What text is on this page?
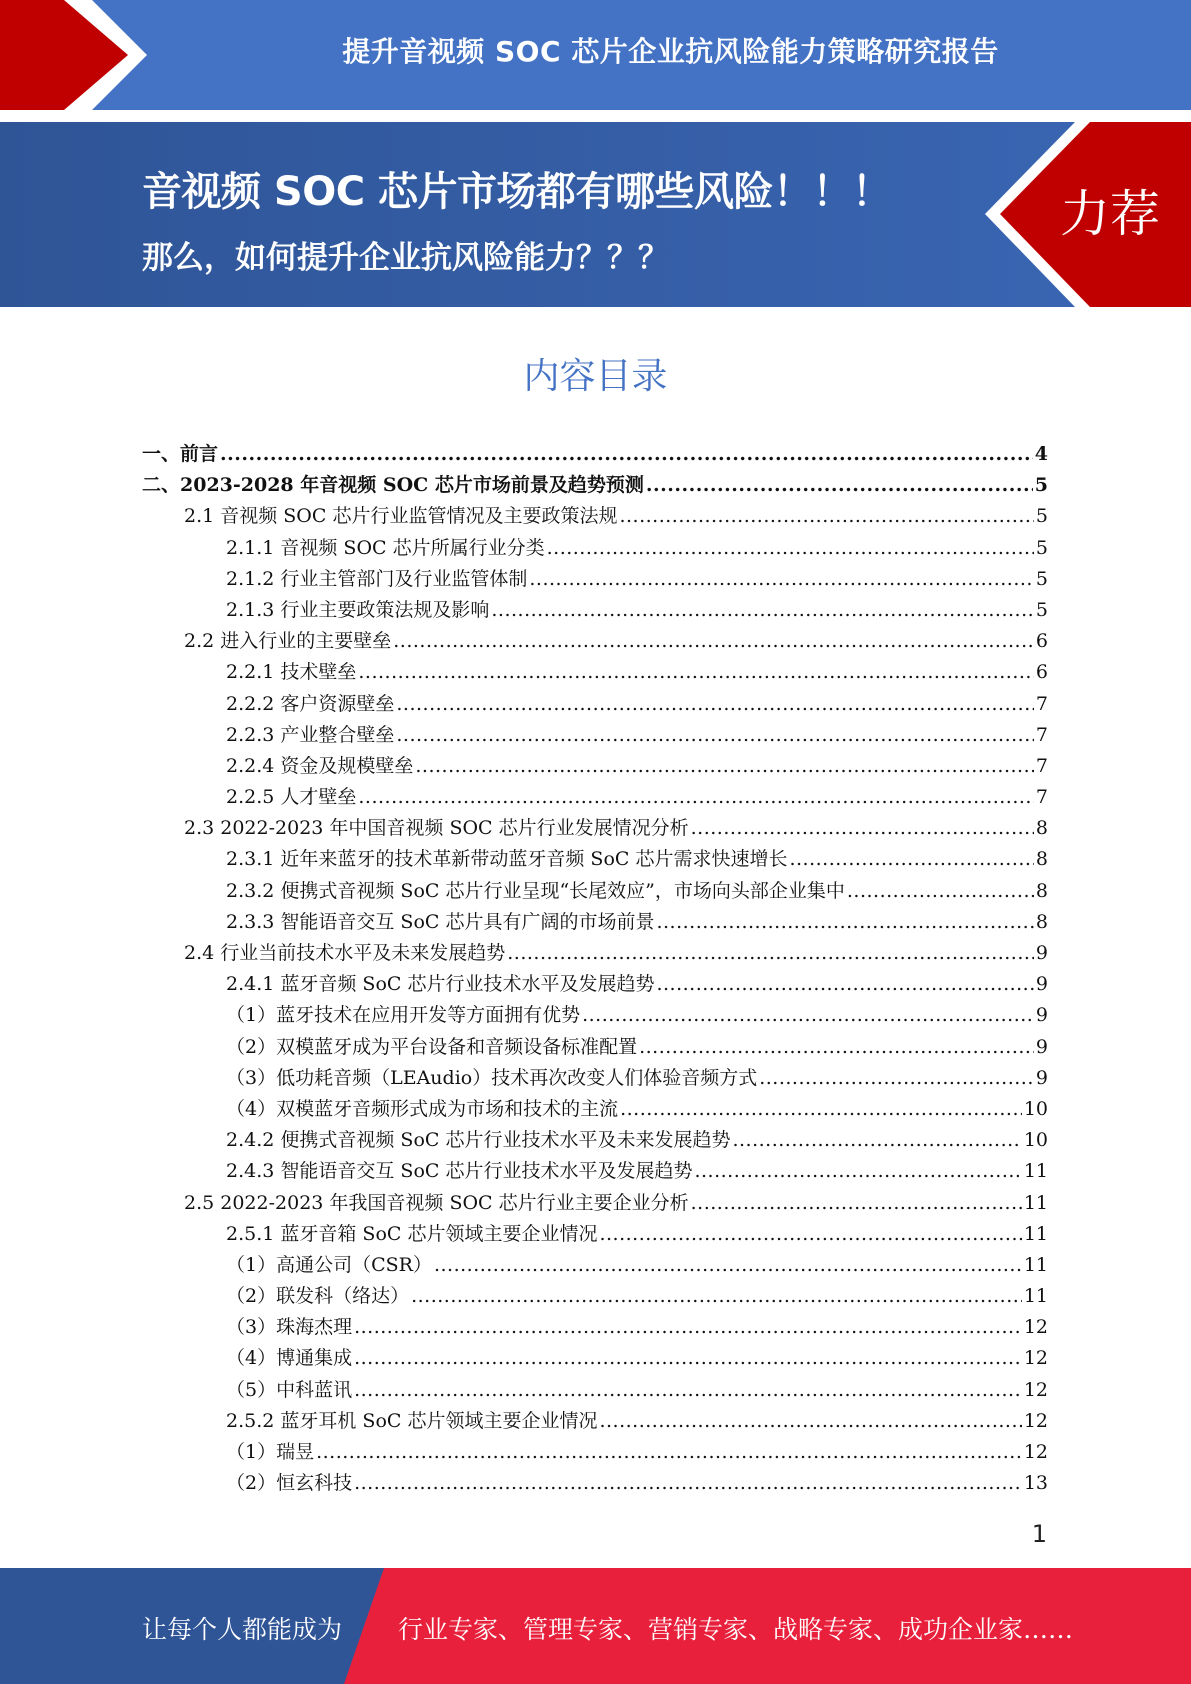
提升音视频 SOC 芯片企业抗风险能力策略研究报告
音视频 SOC 芯片市场都有哪些风险！！！
那么，如何提升企业抗风险能力？？？
力荐
内容目录
一、前言 .....	4
二、2023-2028 年音视频 SOC 芯片市场前景及趋势预测 .....	5
2.1 音视频 SOC 芯片行业监管情况及主要政策法规 .....	5
2.1.1 音视频 SOC 芯片所属行业分类 .....	5
2.1.2 行业主管部门及行业监管体制 .....	5
2.1.3 行业主要政策法规及影响 .....	5
2.2 进入行业的主要壁垒 .....	6
2.2.1 技术壁垒 .....	6
2.2.2 客户资源壁垒 .....	7
2.2.3 产业整合壁垒 .....	7
2.2.4 资金及规模壁垒 .....	7
2.2.5 人才壁垒 .....	7
2.3 2022-2023 年中国音视频 SOC 芯片行业发展情况分析 .....	8
2.3.1 近年来蓝牙的技术革新带动蓝牙音频 SoC 芯片需求快速增长 .....	8
2.3.2 便携式音视频 SoC 芯片行业呈现“长尾效应”，市场向头部企业集中 .....	8
2.3.3 智能语音交互 SoC 芯片具有广阔的市场前景 .....	8
2.4 行业当前技术水平及未来发展趋势 .....	9
2.4.1 蓝牙音频 SoC 芯片行业技术水平及发展趋势 .....	9
（1）蓝牙技术在应用开发等方面拥有优势 .....	9
（2）双模蓝牙成为平台设备和音频设备标准配置 .....	9
（3）低功耗音频（LEAudio）技术再次改变人们体验音频方式 .....	9
（4）双模蓝牙音频形式成为市场和技术的主流 .....	10
2.4.2 便携式音视频 SoC 芯片行业技术水平及未来发展趋势 .....	10
2.4.3 智能语音交互 SoC 芯片行业技术水平及发展趋势 .....	11
2.5 2022-2023 年我国音视频 SOC 芯片行业主要企业分析 .....	11
2.5.1 蓝牙音箱 SoC 芯片领域主要企业情况 .....	11
（1）高通公司（CSR） .....	11
（2）联发科（络达） .....	11
（3）珠海杰理 .....	12
（4）博通集成 .....	12
（5）中科蓝讯 .....	12
2.5.2 蓝牙耳机 SoC 芯片领域主要企业情况 .....	12
（1）瑞昱 .....	12
（2）恒玄科技 .....	13
1
让每个人都能成为 行业专家、管理专家、营销专家、战略专家、成功企业家……
